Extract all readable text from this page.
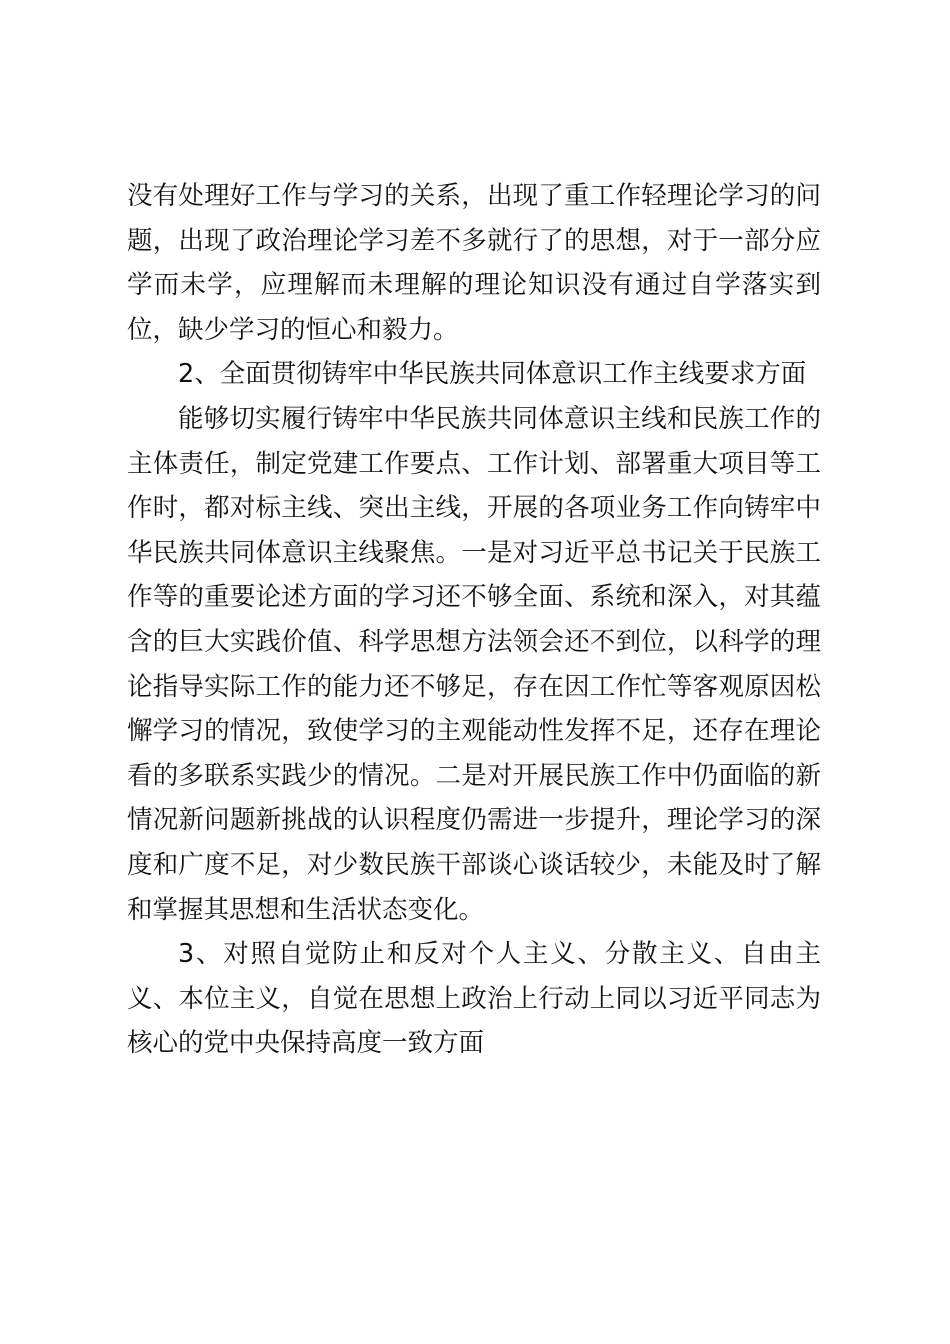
没有处理好工作与学习的关系，出现了重工作轻理论学习的问题，出现了政治理论学习差不多就行了的思想，对于一部分应学而未学，应理解而未理解的理论知识没有通过自学落实到位，缺少学习的恒心和毅力。

2、全面贯彻铸牢中华民族共同体意识工作主线要求方面

能够切实履行铸牢中华民族共同体意识主线和民族工作的主体责任，制定党建工作要点、工作计划、部署重大项目等工作时，都对标主线、突出主线，开展的各项业务工作向铸牢中华民族共同体意识主线聚焦。一是对习近平总书记关于民族工作等的重要论述方面的学习还不够全面、系统和深入，对其蕴含的巨大实践价值、科学思想方法领会还不到位，以科学的理论指导实际工作的能力还不够足，存在因工作忙等客观原因松懈学习的情况，致使学习的主观能动性发挥不足，还存在理论看的多联系实践少的情况。二是对开展民族工作中仍面临的新情况新问题新挑战的认识程度仍需进一步提升，理论学习的深度和广度不足，对少数民族干部谈心谈话较少，未能及时了解和掌握其思想和生活状态变化。

3、对照自觉防止和反对个人主义、分散主义、自由主义、本位主义，自觉在思想上政治上行动上同以习近平同志为核心的党中央保持高度一致方面
